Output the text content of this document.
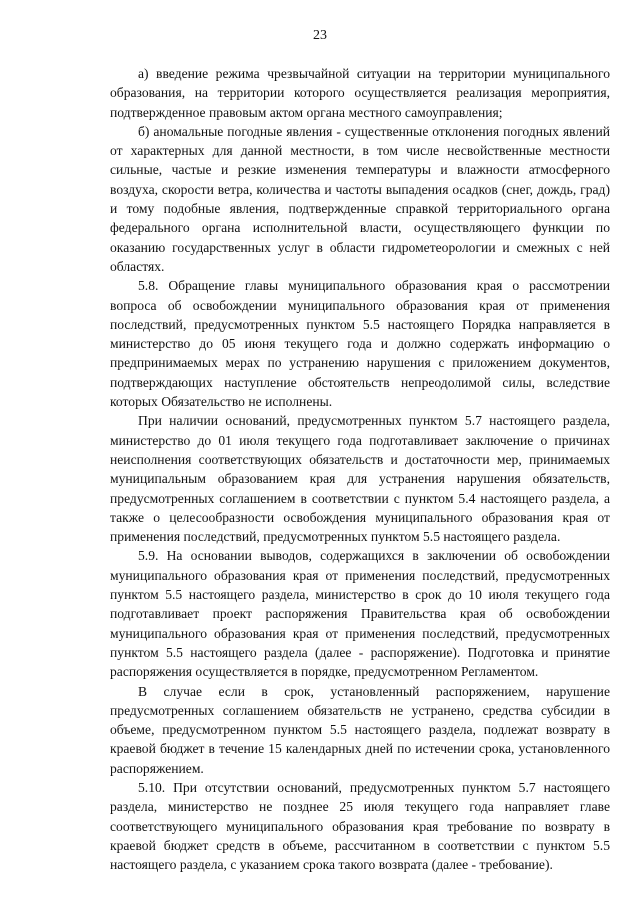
23

а) введение режима чрезвычайной ситуации на территории муниципального образования, на территории которого осуществляется реализация мероприятия, подтвержденное правовым актом органа местного самоуправления;

б) аномальные погодные явления - существенные отклонения погодных явлений от характерных для данной местности, в том числе несвойственные местности сильные, частые и резкие изменения температуры и влажности атмосферного воздуха, скорости ветра, количества и частоты выпадения осадков (снег, дождь, град) и тому подобные явления, подтвержденные справкой территориального органа федерального органа исполнительной власти, осуществляющего функции по оказанию государственных услуг в области гидрометеорологии и смежных с ней областях.

5.8. Обращение главы муниципального образования края о рассмотрении вопроса об освобождении муниципального образования края от применения последствий, предусмотренных пунктом 5.5 настоящего Порядка направляется в министерство до 05 июня текущего года и должно содержать информацию о предпринимаемых мерах по устранению нарушения с приложением документов, подтверждающих наступление обстоятельств непреодолимой силы, вследствие которых Обязательство не исполнены.

При наличии оснований, предусмотренных пунктом 5.7 настоящего раздела, министерство до 01 июля текущего года подготавливает заключение о причинах неисполнения соответствующих обязательств и достаточности мер, принимаемых муниципальным образованием края для устранения нарушения обязательств, предусмотренных соглашением в соответствии с пунктом 5.4 настоящего раздела, а также о целесообразности освобождения муниципального образования края от применения последствий, предусмотренных пунктом 5.5 настоящего раздела.

5.9. На основании выводов, содержащихся в заключении об освобождении муниципального образования края от применения последствий, предусмотренных пунктом 5.5 настоящего раздела, министерство в срок до 10 июля текущего года подготавливает проект распоряжения Правительства края об освобождении муниципального образования края от применения последствий, предусмотренных пунктом 5.5 настоящего раздела (далее - распоряжение). Подготовка и принятие распоряжения осуществляется в порядке, предусмотренном Регламентом.

В случае если в срок, установленный распоряжением, нарушение предусмотренных соглашением обязательств не устранено, средства субсидии в объеме, предусмотренном пунктом 5.5 настоящего раздела, подлежат возврату в краевой бюджет в течение 15 календарных дней по истечении срока, установленного распоряжением.

5.10. При отсутствии оснований, предусмотренных пунктом 5.7 настоящего раздела, министерство не позднее 25 июля текущего года направляет главе соответствующего муниципального образования края требование по возврату в краевой бюджет средств в объеме, рассчитанном в соответствии с пунктом 5.5 настоящего раздела, с указанием срока такого возврата (далее - требование).
